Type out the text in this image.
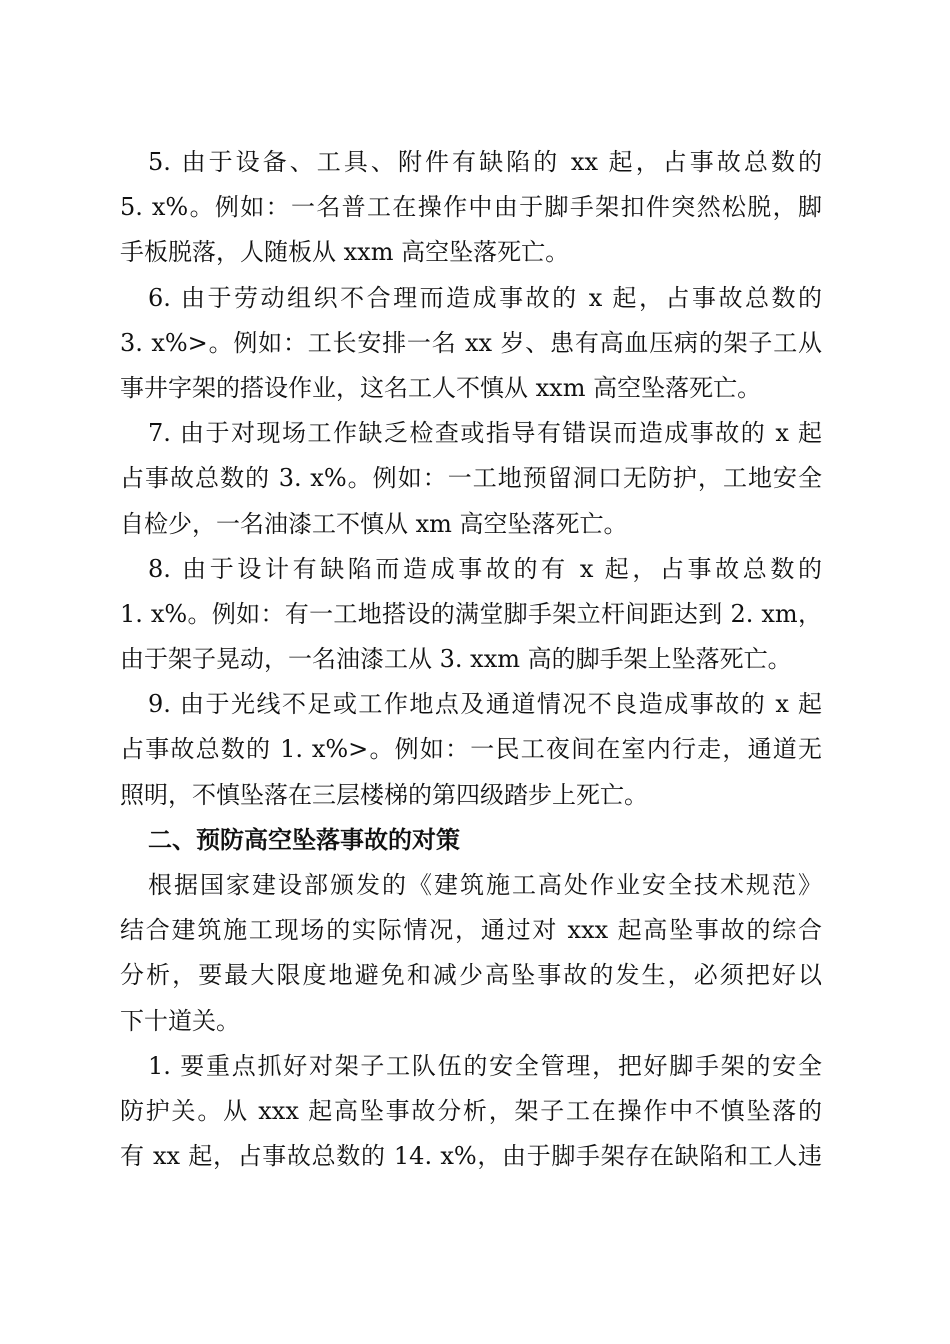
5. 由于设备、工具、附件有缺陷的 xx 起，占事故总数的
5. x%。例如：一名普工在操作中由于脚手架扣件突然松脱，脚
手板脱落，人随板从 xxm 高空坠落死亡。
6. 由于劳动组织不合理而造成事故的 x 起，占事故总数的
3. x%>。例如：工长安排一名 xx 岁、患有高血压病的架子工从
事井字架的搭设作业，这名工人不慎从 xxm 高空坠落死亡。
7. 由于对现场工作缺乏检查或指导有错误而造成事故的 x 起
占事故总数的 3. x%。例如：一工地预留洞口无防护，工地安全
自检少，一名油漆工不慎从 xm 高空坠落死亡。
8. 由于设计有缺陷而造成事故的有 x 起，占事故总数的
1. x%。例如：有一工地搭设的满堂脚手架立杆间距达到 2. xm，
由于架子晃动，一名油漆工从 3. xxm 高的脚手架上坠落死亡。
9. 由于光线不足或工作地点及通道情况不良造成事故的 x 起
占事故总数的 1. x%>。例如：一民工夜间在室内行走，通道无
照明，不慎坠落在三层楼梯的第四级踏步上死亡。
二、预防高空坠落事故的对策
根据国家建设部颁发的《建筑施工高处作业安全技术规范》
结合建筑施工现场的实际情况，通过对 xxx 起高坠事故的综合
分析，要最大限度地避免和减少高坠事故的发生，必须把好以
下十道关。
1. 要重点抓好对架子工队伍的安全管理，把好脚手架的安全
防护关。从 xxx 起高坠事故分析，架子工在操作中不慎坠落的
有 xx 起，占事故总数的 14. x%，由于脚手架存在缺陷和工人违
